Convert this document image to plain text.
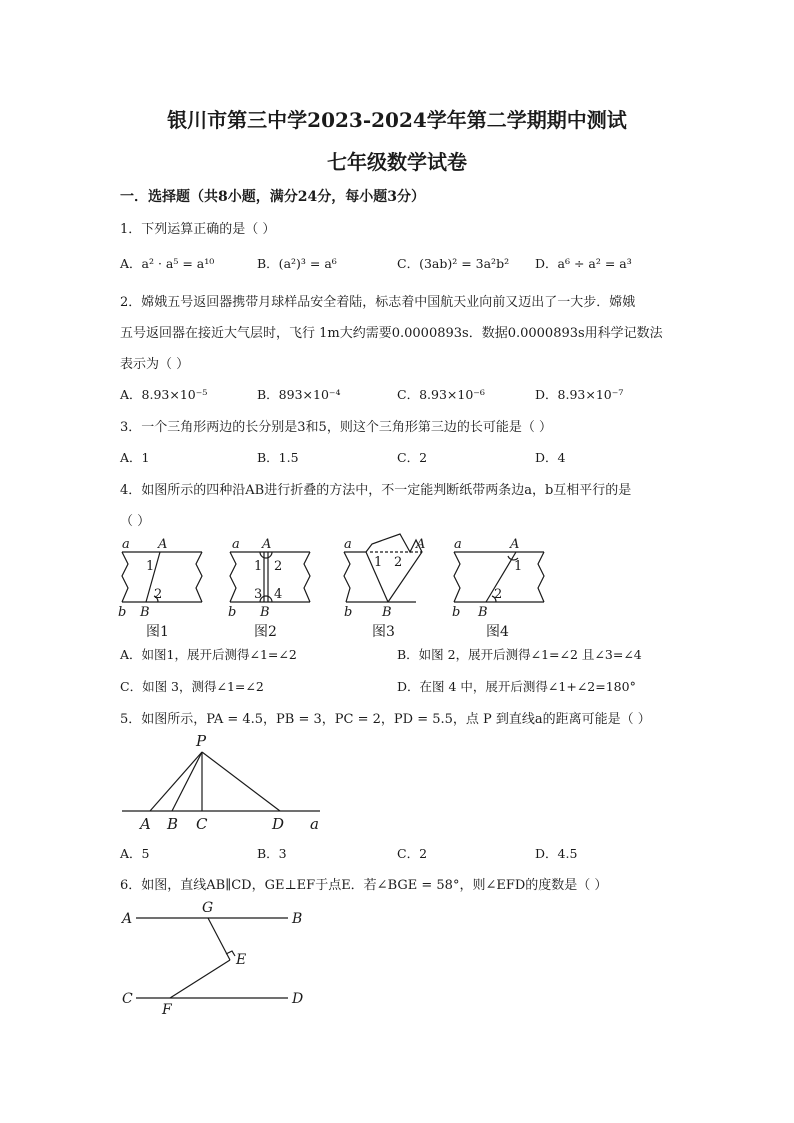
银川市第三中学2023-2024学年第二学期期中测试
七年级数学试卷
一．选择题（共8小题，满分24分，每小题3分）
1．下列运算正确的是（ ）
A．a² · a⁵ = a¹⁰	B．(a²)³ = a⁶	C．(3ab)² = 3a²b² D．a⁶ ÷ a² = a³
2．嫦娥五号返回器携带月球样品安全着陆，标志着中国航天业向前又迈出了一大步．嫦娥
五号返回器在接近大气层时，飞行 1m大约需要0.0000893s．数据0.0000893s用科学记数法
表示为（ ）
A．8.93×10⁻⁵	B．893×10⁻⁴	C．8.93×10⁻⁶	D．8.93×10⁻⁷
3．一个三角形两边的长分别是3和5，则这个三角形第三边的长可能是（ ）
A．1	B．1.5	C．2	D．4
4．如图所示的四种沿AB进行折叠的方法中，不一定能判断纸带两条边a，b互相平行的是
（ ）
a A
1
2
b B
a A
1 2
3 4
b B
a	A
1 2
b B
a	A
1
2
b B
图1	图2	图3	图4
A．如图1，展开后测得∠1=∠2	B．如图 2，展开后测得∠1=∠2 且∠3=∠4
C．如图 3，测得∠1=∠2	D．在图 4 中，展开后测得∠1+∠2=180°
5．如图所示，PA = 4.5，PB = 3，PC = 2，PD = 5.5，点 P 到直线a的距离可能是（ ）
P
A B C	D a
A．5	B．3	C．2	D．4.5
6．如图，直线AB∥CD，GE⊥EF于点E．若∠BGE = 58°，则∠EFD的度数是（ ）
A
G
B
E
C
F
D
